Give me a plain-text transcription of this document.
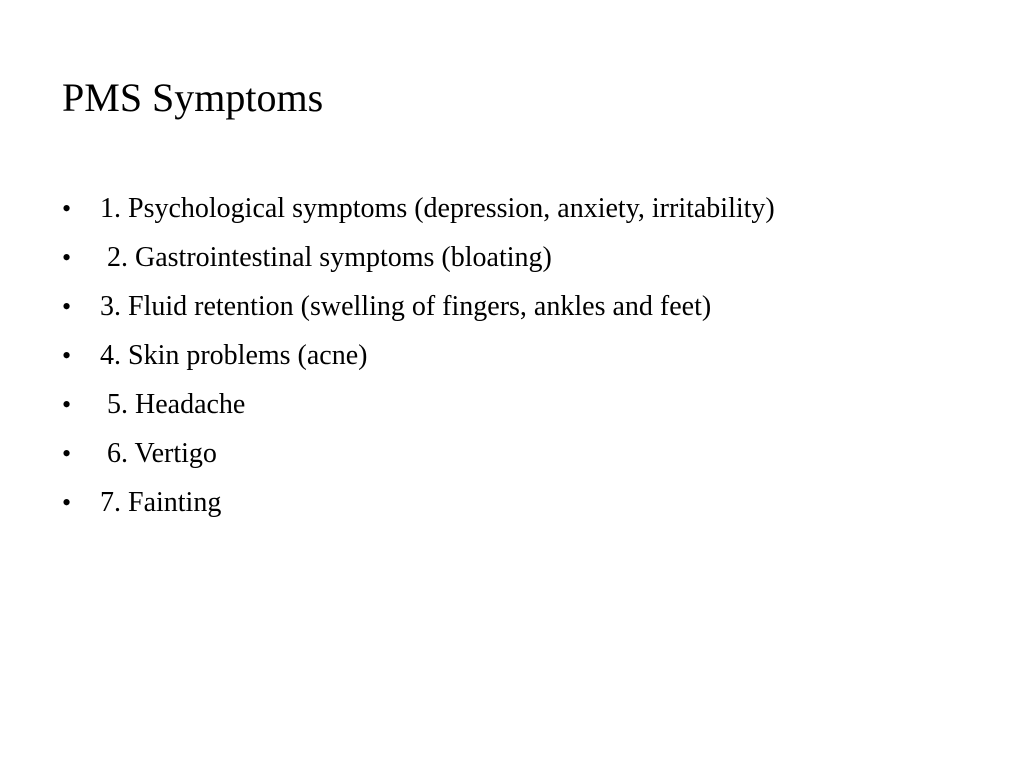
PMS Symptoms
•	1. Psychological symptoms (depression, anxiety, irritability)
•	2. Gastrointestinal symptoms (bloating)
•	3. Fluid retention (swelling of fingers, ankles and feet)
•	4. Skin problems (acne)
•	5. Headache
•	6. Vertigo
•	7. Fainting
